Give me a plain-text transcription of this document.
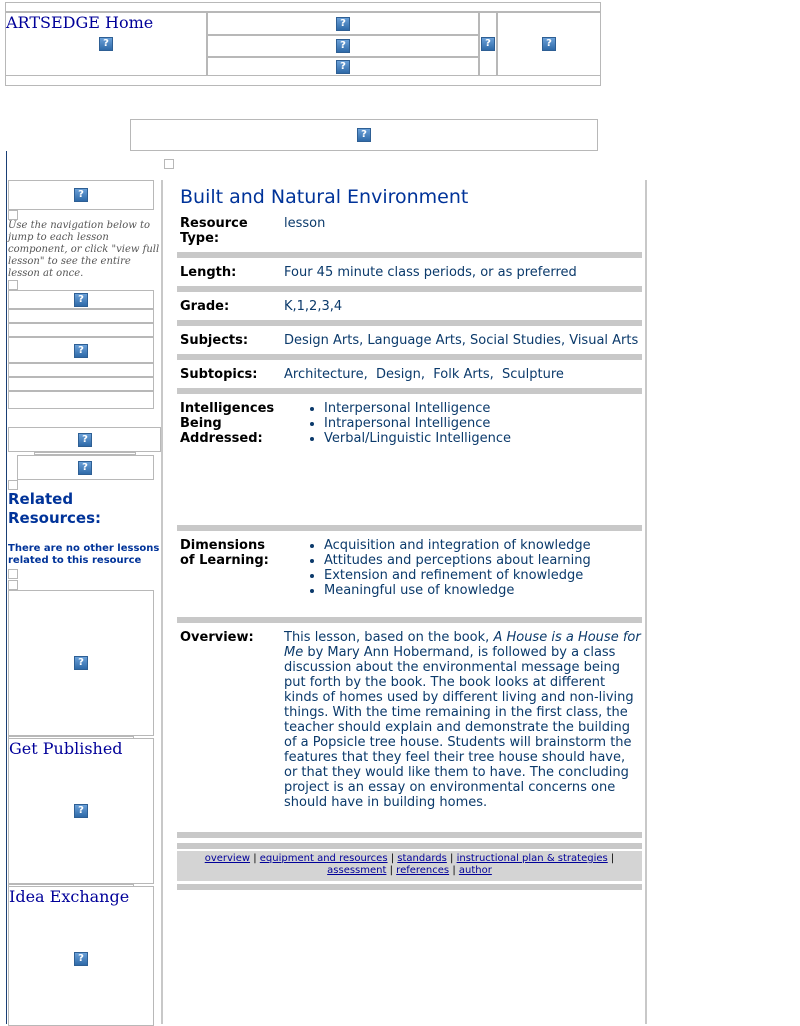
ARTSEDGE Home
?
?
?
?
?	?
?
?
Use the navigation below to jump to each lesson component, or click "view full lesson" to see the entire lesson at once.
?
?
?
?
Related Resources:
There are no other lessons related to this resource
?
Get Published
?
Idea Exchange
?
Built and Natural Environment
Resource Type:
lesson
Length:	Four 45 minute class periods, or as preferred
Grade:	K,1,2,3,4
Subjects:	Design Arts, Language Arts, Social Studies, Visual Arts
Subtopics: Architecture,  Design,  Folk Arts,  Sculpture
Intelligences Being Addressed:
• Interpersonal Intelligence
• Intrapersonal Intelligence
• Verbal/Linguistic Intelligence
Dimensions of Learning:
• Acquisition and integration of knowledge
• Attitudes and perceptions about learning
• Extension and refinement of knowledge
• Meaningful use of knowledge
Overview: This lesson, based on the book, A House is a House for Me by Mary Ann Hobermand, is followed by a class discussion about the environmental message being put forth by the book. The book looks at different kinds of homes used by different living and non-living things. With the time remaining in the first class, the teacher should explain and demonstrate the building of a Popsicle tree house. Students will brainstorm the features that they feel their tree house should have, or that they would like them to have. The concluding project is an essay on environmental concerns one should have in building homes.
overview | equipment and resources | standards | instructional plan & strategies |
assessment | references | author
